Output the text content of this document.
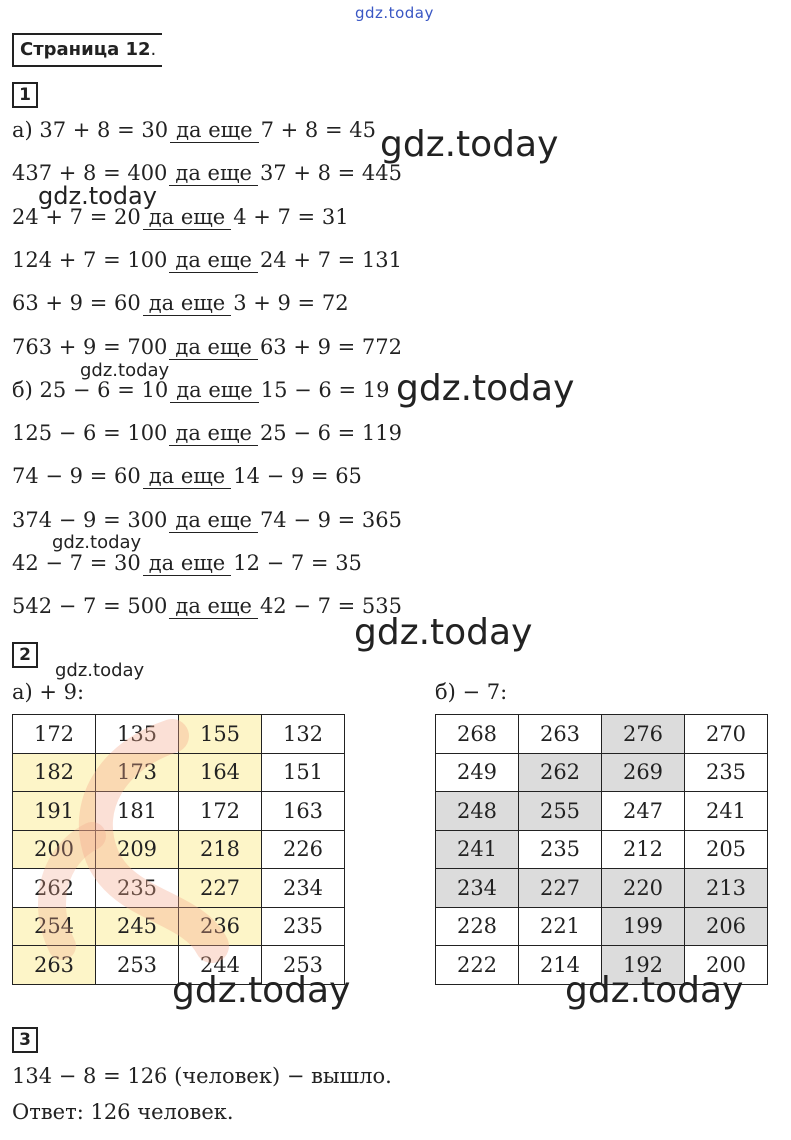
gdz.today
Страница 12.
1
а) 37 + 8 = 30 да еще 7 + 8 = 45
437 + 8 = 400 да еще 37 + 8 = 445
24 + 7 = 20 да еще 4 + 7 = 31
124 + 7 = 100 да еще 24 + 7 = 131
63 + 9 = 60 да еще 3 + 9 = 72
763 + 9 = 700 да еще 63 + 9 = 772
б) 25 − 6 = 10 да еще 15 − 6 = 19
125 − 6 = 100 да еще 25 − 6 = 119
74 − 9 = 60 да еще 14 − 9 = 65
374 − 9 = 300 да еще 74 − 9 = 365
42 − 7 = 30 да еще 12 − 7 = 35
542 − 7 = 500 да еще 42 − 7 = 535
gdz.today
gdz.today
gdz.today	gdz.today
gdz.today
gdz.today
2
gdz.today
а) + 9:	б) − 7:
172	135	155	132
182	173	164	151
191	181	172	163
200	209	218	226
262	235	227	234
254	245	236	235
263	253	244	253
268	263	276	270
249	262	269	235
248	255	247	241
241	235	212	205
234	227	220	213
228	221	199	206
222	214	192	200
gdz.today	gdz.today
3
134 − 8 = 126 (человек) − вышло.
Ответ: 126 человек.
